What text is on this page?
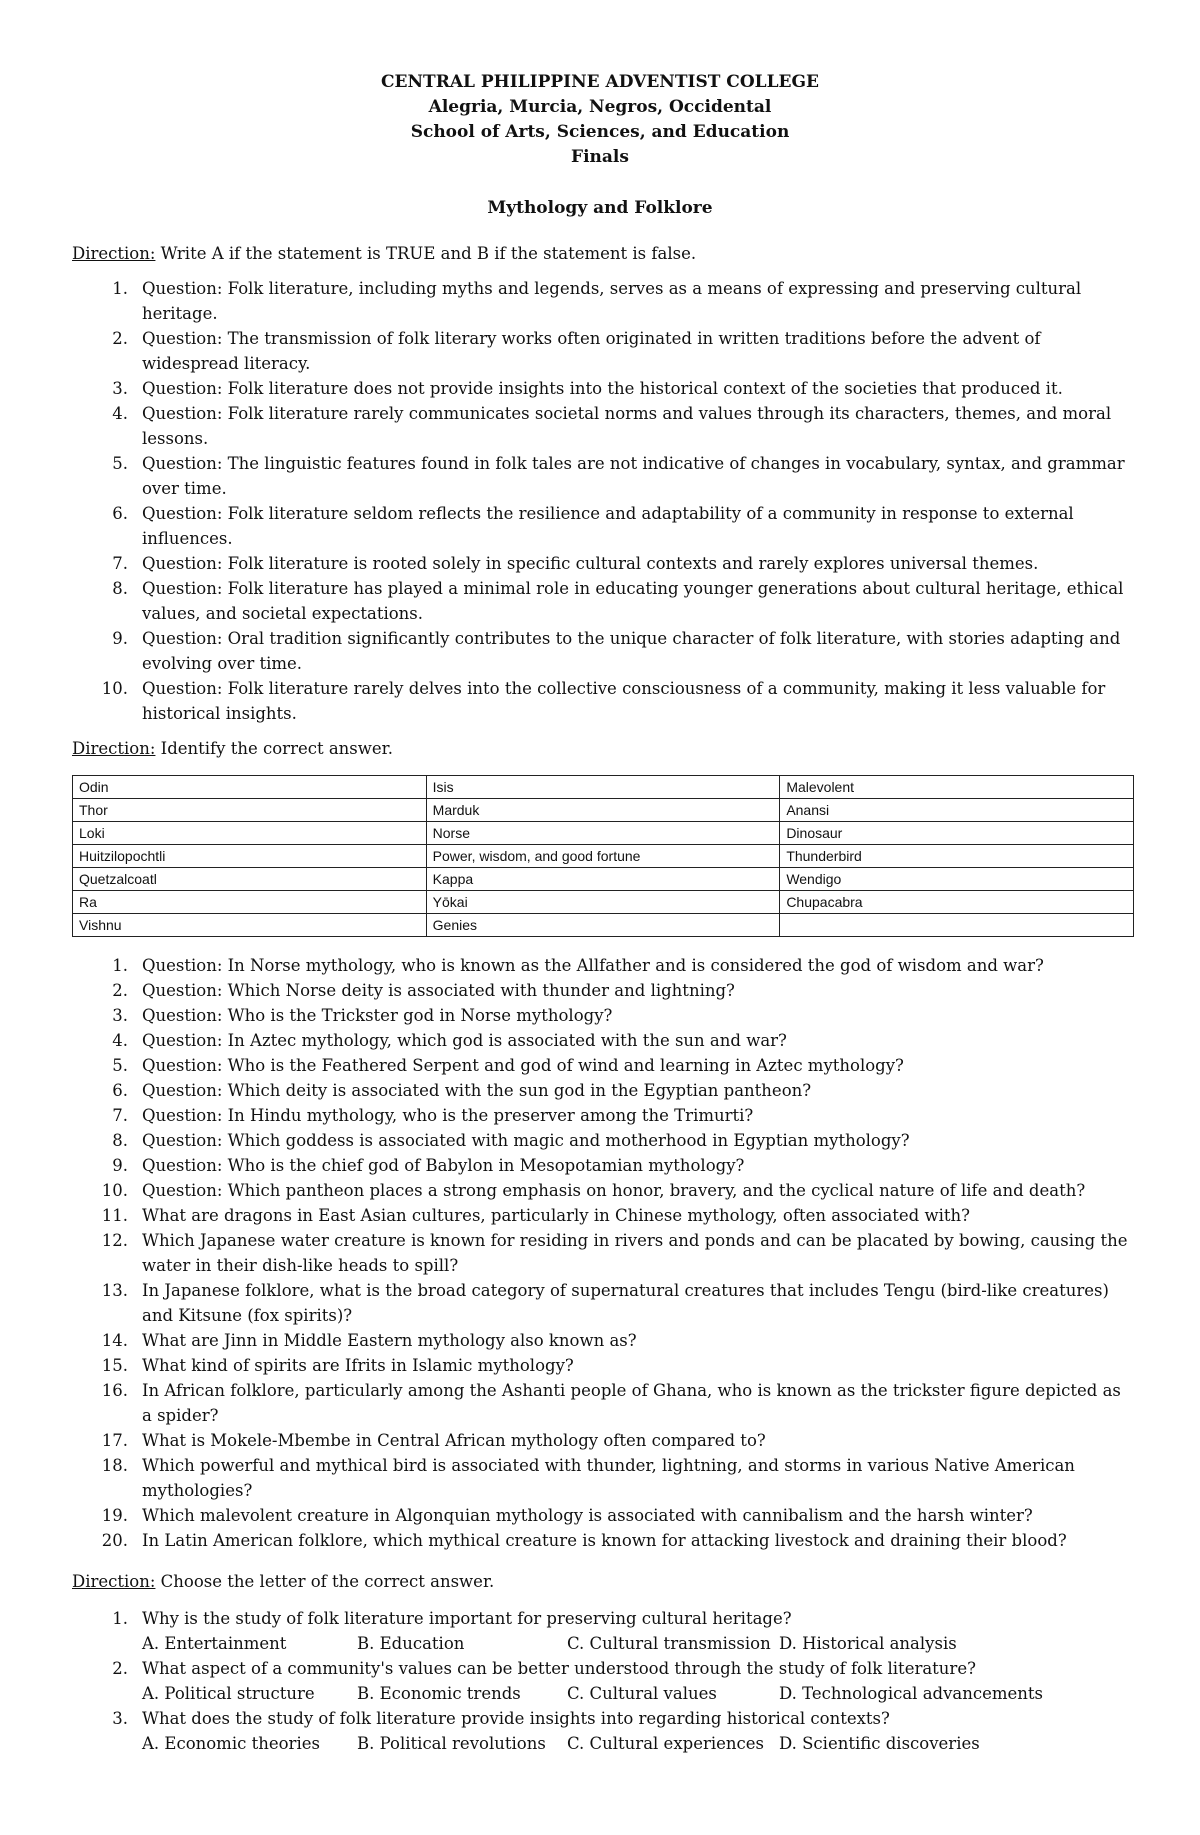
CENTRAL PHILIPPINE ADVENTIST COLLEGE
Alegria, Murcia, Negros, Occidental
School of Arts, Sciences, and Education
Finals
Mythology and Folklore
Direction: Write A if the statement is TRUE and B if the statement is false.
1. Question: Folk literature, including myths and legends, serves as a means of expressing and preserving cultural heritage.
2. Question: The transmission of folk literary works often originated in written traditions before the advent of widespread literacy.
3. Question: Folk literature does not provide insights into the historical context of the societies that produced it.
4. Question: Folk literature rarely communicates societal norms and values through its characters, themes, and moral lessons.
5. Question: The linguistic features found in folk tales are not indicative of changes in vocabulary, syntax, and grammar over time.
6. Question: Folk literature seldom reflects the resilience and adaptability of a community in response to external influences.
7. Question: Folk literature is rooted solely in specific cultural contexts and rarely explores universal themes.
8. Question: Folk literature has played a minimal role in educating younger generations about cultural heritage, ethical values, and societal expectations.
9. Question: Oral tradition significantly contributes to the unique character of folk literature, with stories adapting and evolving over time.
10. Question: Folk literature rarely delves into the collective consciousness of a community, making it less valuable for historical insights.
Direction: Identify the correct answer.
Odin	Isis	Malevolent
Thor	Marduk	Anansi
Loki	Norse	Dinosaur
Huitzilopochtli	Power, wisdom, and good fortune	Thunderbird
Quetzalcoatl	Kappa	Wendigo
Ra	Yōkai	Chupacabra
Vishnu	Genies	
1. Question: In Norse mythology, who is known as the Allfather and is considered the god of wisdom and war?
2. Question: Which Norse deity is associated with thunder and lightning?
3. Question: Who is the Trickster god in Norse mythology?
4. Question: In Aztec mythology, which god is associated with the sun and war?
5. Question: Who is the Feathered Serpent and god of wind and learning in Aztec mythology?
6. Question: Which deity is associated with the sun god in the Egyptian pantheon?
7. Question: In Hindu mythology, who is the preserver among the Trimurti?
8. Question: Which goddess is associated with magic and motherhood in Egyptian mythology?
9. Question: Who is the chief god of Babylon in Mesopotamian mythology?
10. Question: Which pantheon places a strong emphasis on honor, bravery, and the cyclical nature of life and death?
11. What are dragons in East Asian cultures, particularly in Chinese mythology, often associated with?
12. Which Japanese water creature is known for residing in rivers and ponds and can be placated by bowing, causing the water in their dish-like heads to spill?
13. In Japanese folklore, what is the broad category of supernatural creatures that includes Tengu (bird-like creatures) and Kitsune (fox spirits)?
14. What are Jinn in Middle Eastern mythology also known as?
15. What kind of spirits are Ifrits in Islamic mythology?
16. In African folklore, particularly among the Ashanti people of Ghana, who is known as the trickster figure depicted as a spider?
17. What is Mokele-Mbembe in Central African mythology often compared to?
18. Which powerful and mythical bird is associated with thunder, lightning, and storms in various Native American mythologies?
19. Which malevolent creature in Algonquian mythology is associated with cannibalism and the harsh winter?
20. In Latin American folklore, which mythical creature is known for attacking livestock and draining their blood?
Direction: Choose the letter of the correct answer.
1. Why is the study of folk literature important for preserving cultural heritage?
A. Entertainment	B. Education	C. Cultural transmission D. Historical analysis
2. What aspect of a community's values can be better understood through the study of folk literature?
A. Political structure	B. Economic trends	C. Cultural values	D. Technological advancements
3. What does the study of folk literature provide insights into regarding historical contexts?
A. Economic theories B. Political revolutions C. Cultural experiences D. Scientific discoveries
